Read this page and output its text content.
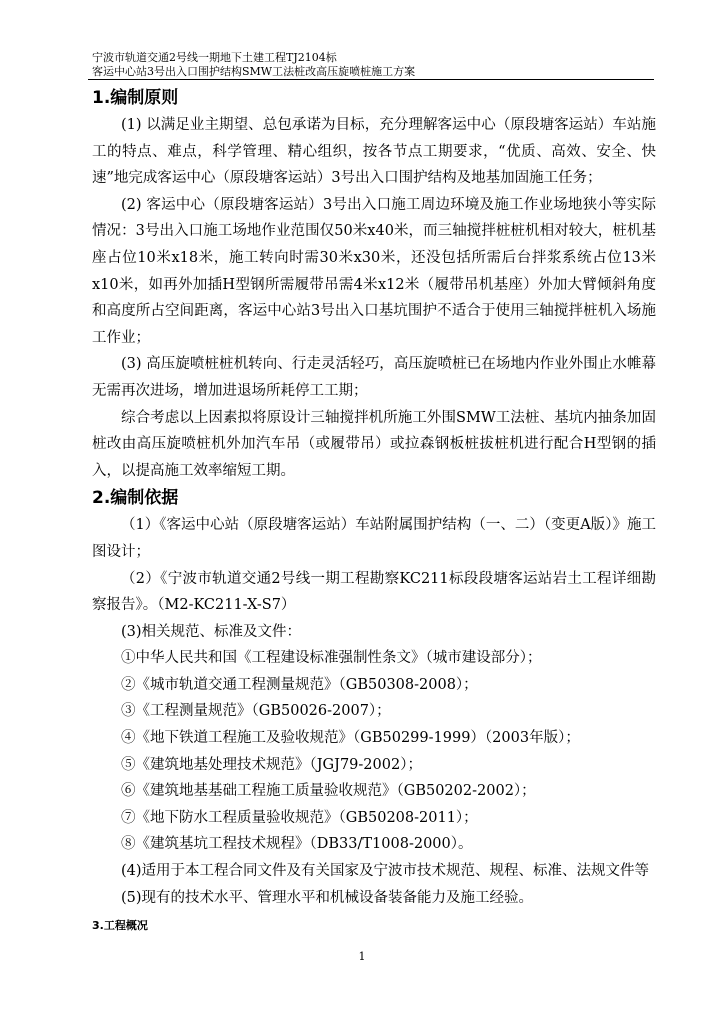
宁波市轨道交通2号线一期地下土建工程TJ2104标
客运中心站3号出入口围护结构SMW工法桩改高压旋喷桩施工方案
1.编制原则

(1) 以满足业主期望、总包承诺为目标，充分理解客运中心（原段塘客运站）车站施工的特点、难点，科学管理、精心组织，按各节点工期要求，“优质、高效、安全、快速”地完成客运中心（原段塘客运站）3号出入口围护结构及地基加固施工任务；

(2) 客运中心（原段塘客运站）3号出入口施工周边环境及施工作业场地狭小等实际情况：3号出入口施工场地作业范围仅50米x40米，而三轴搅拌桩桩机相对较大，桩机基座占位10米x18米，施工转向时需30米x30米，还没包括所需后台拌浆系统占位13米x10米，如再外加插H型钢所需履带吊需4米x12米（履带吊机基座）外加大臂倾斜角度和高度所占空间距离，客运中心站3号出入口基坑围护不适合于使用三轴搅拌桩机入场施工作业；

(3) 高压旋喷桩桩机转向、行走灵活轻巧，高压旋喷桩已在场地内作业外围止水帷幕无需再次进场，增加进退场所耗停工工期；

综合考虑以上因素拟将原设计三轴搅拌机所施工外围SMW工法桩、基坑内抽条加固桩改由高压旋喷桩机外加汽车吊（或履带吊）或拉森钢板桩拔桩机进行配合H型钢的插入，以提高施工效率缩短工期。

2.编制依据

（1）《客运中心站（原段塘客运站）车站附属围护结构（一、二）（变更A版）》施工图设计；

（2）《宁波市轨道交通2号线一期工程勘察KC211标段段塘客运站岩土工程详细勘察报告》。（M2-KC211-X-S7）

(3)相关规范、标准及文件：

①中华人民共和国《工程建设标准强制性条文》（城市建设部分）；

②《城市轨道交通工程测量规范》（GB50308-2008）；

③《工程测量规范》（GB50026-2007）；

④《地下铁道工程施工及验收规范》（GB50299-1999）（2003年版）；

⑤《建筑地基处理技术规范》（JGJ79-2002）；

⑥《建筑地基基础工程施工质量验收规范》（GB50202-2002）；

⑦《地下防水工程质量验收规范》（GB50208-2011）；

⑧《建筑基坑工程技术规程》（DB33/T1008-2000）。

(4)适用于本工程合同文件及有关国家及宁波市技术规范、规程、标准、法规文件等

(5)现有的技术水平、管理水平和机械设备装备能力及施工经验。

3.工程概况
1
